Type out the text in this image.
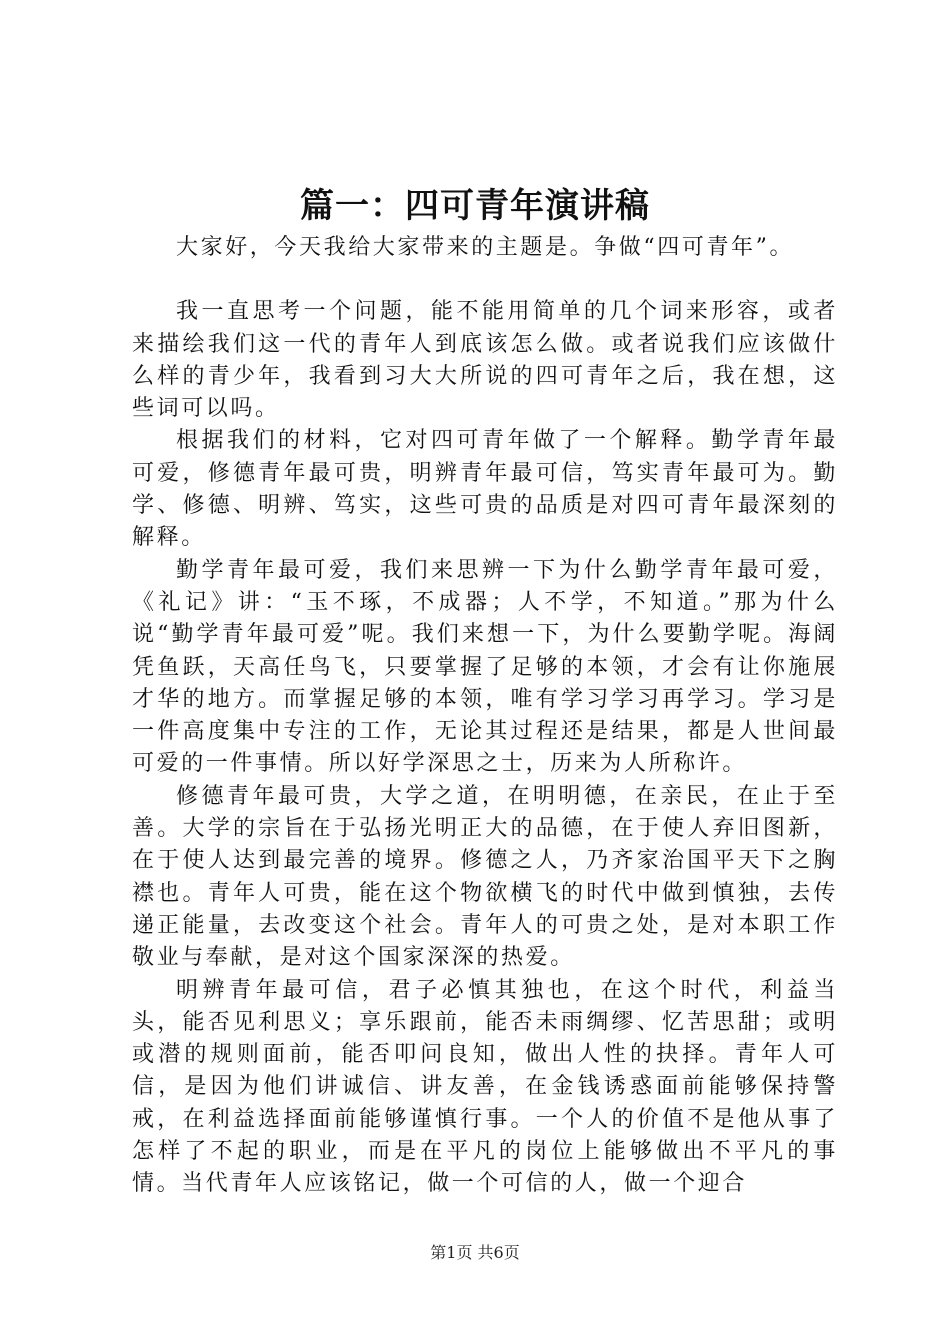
篇一：四可青年演讲稿

大家好，今天我给大家带来的主题是。争做“四可青年”。

我一直思考一个问题，能不能用简单的几个词来形容，或者来描绘我们这一代的青年人到底该怎么做。或者说我们应该做什么样的青少年，我看到习大大所说的四可青年之后，我在想，这些词可以吗。

根据我们的材料，它对四可青年做了一个解释。勤学青年最可爱，修德青年最可贵，明辨青年最可信，笃实青年最可为。勤学、修德、明辨、笃实，这些可贵的品质是对四可青年最深刻的解释。

勤学青年最可爱，我们来思辨一下为什么勤学青年最可爱，《礼记》讲：“玉不琢，不成器；人不学，不知道。”那为什么说“勤学青年最可爱”呢。我们来想一下，为什么要勤学呢。海阔凭鱼跃，天高任鸟飞，只要掌握了足够的本领，才会有让你施展才华的地方。而掌握足够的本领，唯有学习学习再学习。学习是一件高度集中专注的工作，无论其过程还是结果，都是人世间最可爱的一件事情。所以好学深思之士，历来为人所称许。

修德青年最可贵，大学之道，在明明德，在亲民，在止于至善。大学的宗旨在于弘扬光明正大的品德，在于使人弃旧图新，在于使人达到最完善的境界。修德之人，乃齐家治国平天下之胸襟也。青年人可贵，能在这个物欲横飞的时代中做到慎独，去传递正能量，去改变这个社会。青年人的可贵之处，是对本职工作敬业与奉献，是对这个国家深深的热爱。

明辨青年最可信，君子必慎其独也，在这个时代，利益当头，能否见利思义；享乐跟前，能否未雨绸缪、忆苦思甜；或明或潜的规则面前，能否叩问良知，做出人性的抉择。青年人可信，是因为他们讲诚信、讲友善，在金钱诱惑面前能够保持警戒，在利益选择面前能够谨慎行事。一个人的价值不是他从事了怎样了不起的职业，而是在平凡的岗位上能够做出不平凡的事情。当代青年人应该铭记，做一个可信的人，做一个迎合

第1页 共6页
